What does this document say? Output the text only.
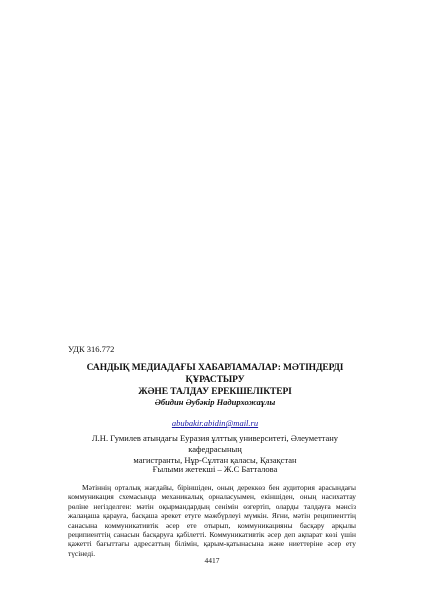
УДК 316.772
САНДЫҚ МЕДИАДАҒЫ ХАБАРЛАМАЛАР: МӘТІНДЕРДІ ҚҰРАСТЫРУ
ЖӘНЕ ТАЛДАУ ЕРЕКШЕЛІКТЕРІ
Әбидин Әубәкір Надирхожаұлы
abubakir.abidin@mail.ru
Л.Н. Гумилев атындағы Еуразия ұлттық университеті, Әлеуметтану кафедрасының
магистранты, Нұр-Сұлтан қаласы, Қазақстан
Ғылыми жетекші – Ж.С Батталова

Мәтіннің орталық жағдайы, біріншіден, оның дереккөз бен аудитория арасындағы коммуникация схемасында механикалық орналасуымен, екіншіден, оның насихаттау рөліне негізделген: мәтін оқырмандардың сенімін өзгертіп, оларды талдауға мәнсіз жалаңаша қарауға, басқаша әрекет етуге мәжбүрлеуі мүмкін. Яғни, мәтін реципиенттің санасына коммуникативтік әсер ете отырып, коммуникацияны басқару арқылы реципиенттің санасын басқаруға қабілетті. Коммуникативтік әсер деп ақпарат көзі үшін қажетті бағыттағы адресаттың білімін, қарым-қатынасына және ниеттеріне әсер ету түсінеді.

4417
